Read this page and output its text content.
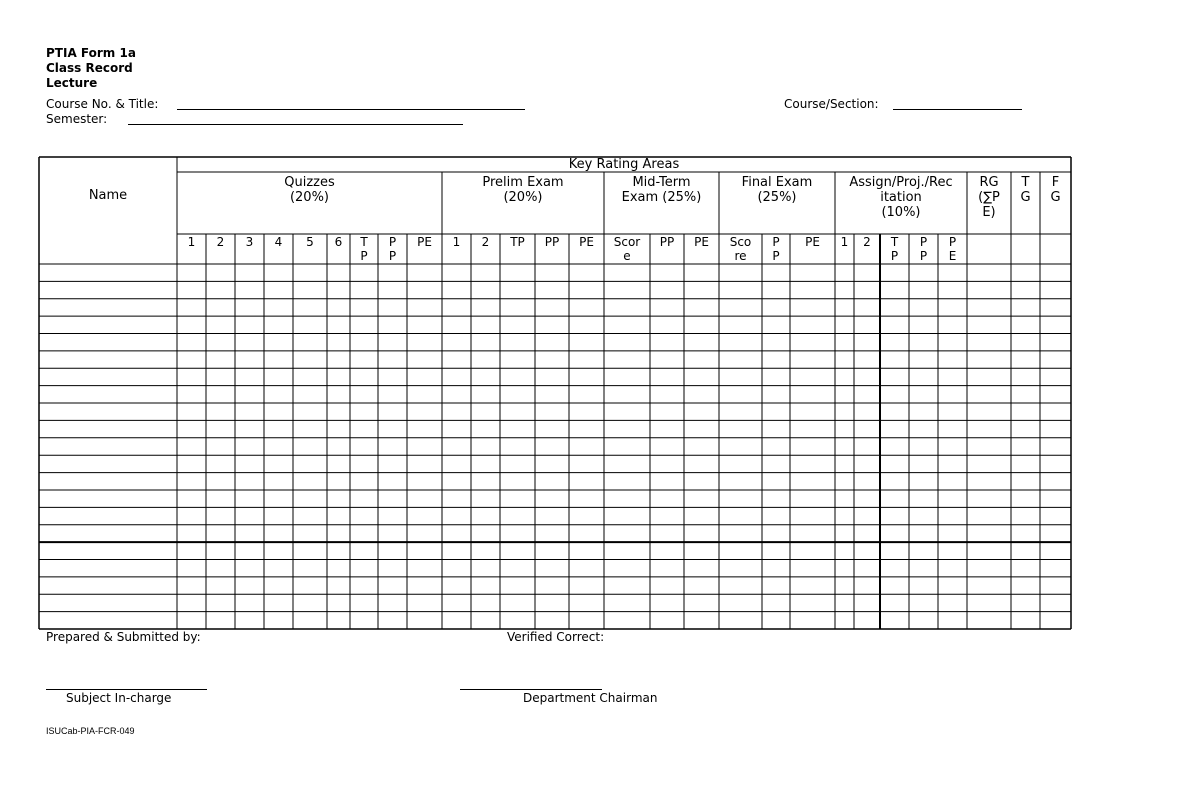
PTIA Form 1a
Class Record
Lecture
Course No. & Title:
Semester:
Course/Section:
Name
Key Rating Areas
Quizzes
(20%)
Prelim Exam
(20%)
Mid-Term
Exam (25%)
Final Exam
(25%)
Assign/Proj./Rec
itation
(10%)
RG
(∑P
E)
T
G
F
G
1 2 3 4 5 6 T
P
P
P
PE 1 2 TP PP PE Scor
e
PP PE Sco
re
P
P
PE 1 2 T
P
P
P
P
E
Prepared & Submitted by:	Verified Correct:
Subject In-charge	Department Chairman
ISUCab-PIA-FCR-049
